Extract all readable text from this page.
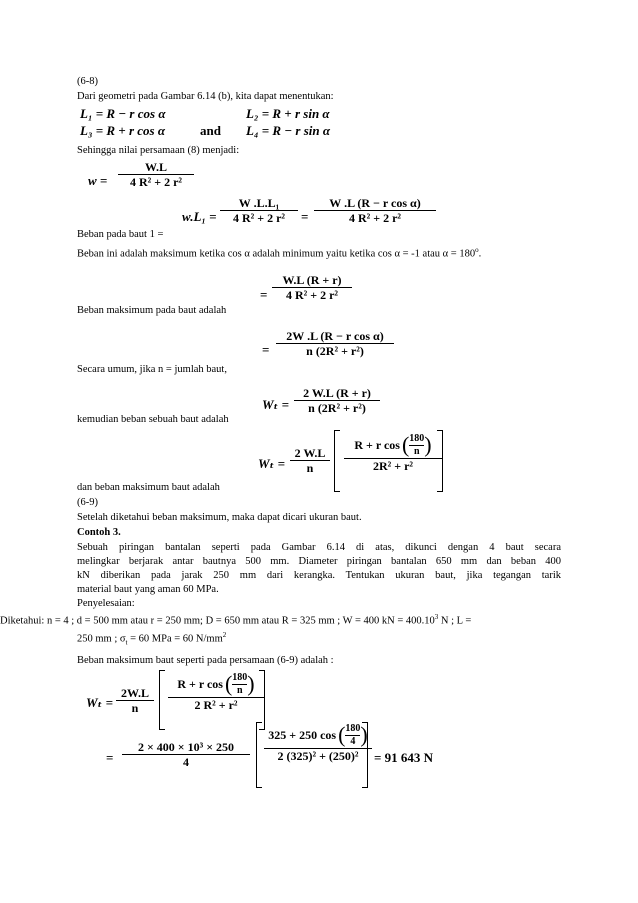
(6-8)
Dari geometri pada Gambar 6.14 (b), kita dapat menentukan:
L₁ = R − r cos α	L₂ = R + r sin α
L₃ = R + r cos α	and L₄ = R − r sin α
Sehingga nilai persamaan (8) menjadi:
w =
W.L
4 R² + 2 r²
w.L₁ =
W .L.L₁
4 R² + 2 r² =
W .L (R − r cos α)
4 R² + 2 r²
Beban pada baut 1 =
Beban ini adalah maksimum ketika cos α adalah minimum yaitu ketika cos α = -1 atau $\alpha = 180^o$.
=
W.L (R + r)
4 R² + 2 r²
Beban maksimum pada baut adalah
=
2W .L (R − r cos α)
n (2R² + r²)
Secara umum, jika n = jumlah baut,
Wₜ =
2 W.L (R + r)
n (2R² + r²)
kemudian beban sebuah baut adalah
Wₜ =
2 W.L
n
R + r cos ( 180
n )
2R² + r²
dan beban maksimum baut adalah
(6-9)
Setelah diketahui beban maksimum, maka dapat dicari ukuran baut.
Contoh 3.
Sebuah piringan bantalan seperti pada Gambar 6.14 di atas, dikunci dengan 4 baut secara
melingkar berjarak antar bautnya 500 mm. Diameter piringan bantalan 650 mm dan beban 400
kN diberikan pada jarak 250 mm dari kerangka. Tentukan ukuran baut, jika tegangan tarik
material baut yang aman 60 MPa.
Penyelesaian:
Diketahui: n = 4 ; d = 500 mm atau r = 250 mm; D = 650 mm atau R = 325 mm ; W = 400 kN = $400.10^3$ N ; L =
250 mm ; $\sigma_t = 60$ MPa = 60 $N/mm^2$
Beban maksimum baut seperti pada persamaan (6-9) adalah :
Wₜ =
2W.L
n
R + r cos ( 180
n )
2 R² + r²
=
2 × 400 × 10³ × 250
4
325 + 250 cos ( 180
4 )
2 (325)² + (250)² = 91 643 N
